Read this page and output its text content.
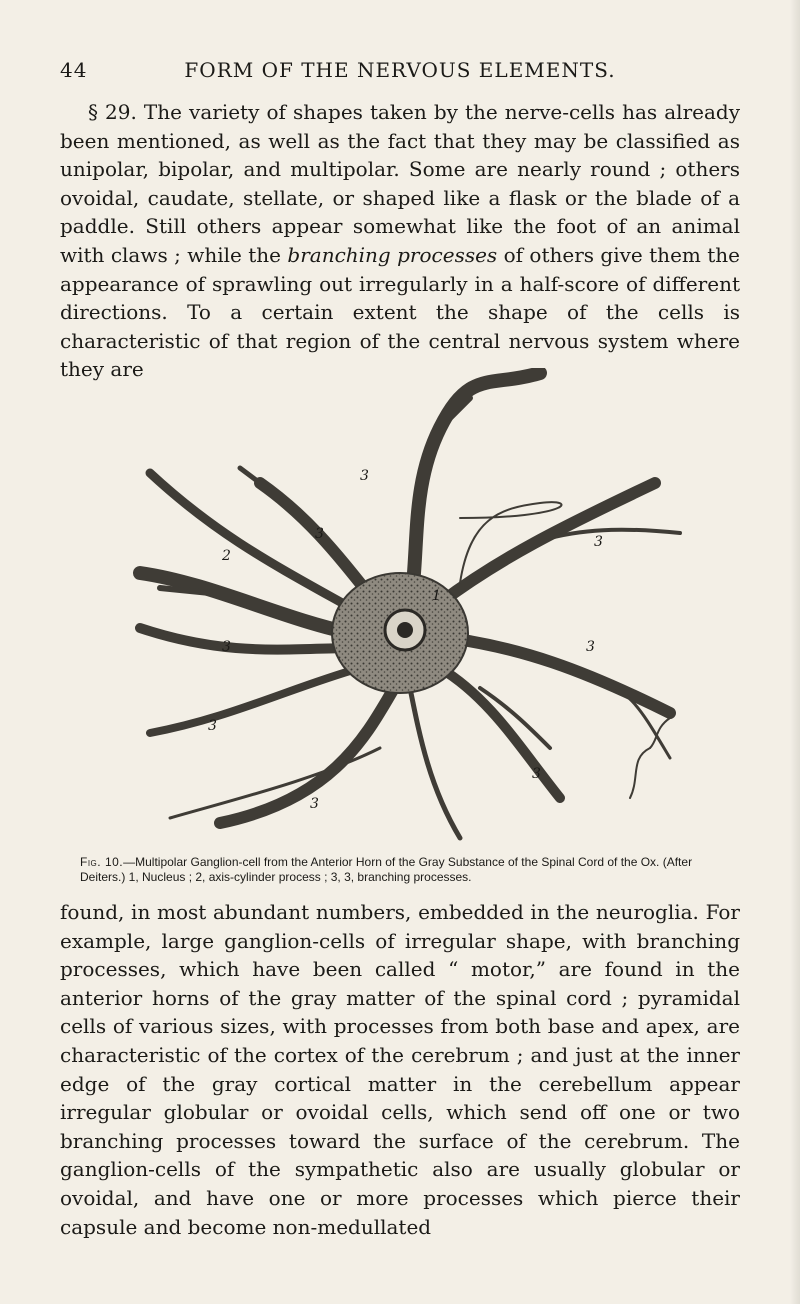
44	FORM OF THE NERVOUS ELEMENTS.

§ 29. The variety of shapes taken by the nerve-cells has already been mentioned, as well as the fact that they may be classified as unipolar, bipolar, and multipolar. Some are nearly round ; others ovoidal, caudate, stellate, or shaped like a flask or the blade of a paddle. Still others appear somewhat like the foot of an animal with claws ; while the branching processes of others give them the appearance of sprawling out irregularly in a half-score of different directions. To a certain extent the shape of the cells is characteristic of that region of the central nervous system where they are

1
2
3
3	3
3	3
3
3
3
Fig. 10.—Multipolar Ganglion-cell from the Anterior Horn of the Gray Substance of the Spinal Cord of the Ox. (After Deiters.) 1, Nucleus ; 2, axis-cylinder process ; 3, 3, branching processes.

found, in most abundant numbers, embedded in the neuroglia. For example, large ganglion-cells of irregular shape, with branching processes, which have been called “ motor,” are found in the anterior horns of the gray matter of the spinal cord ; pyramidal cells of various sizes, with processes from both base and apex, are characteristic of the cortex of the cerebrum ; and just at the inner edge of the gray cortical matter in the cerebellum appear irregular globular or ovoidal cells, which send off one or two branching processes toward the surface of the cerebrum. The ganglion-cells of the sympathetic also are usually globular or ovoidal, and have one or more processes which pierce their capsule and become non-medullated
